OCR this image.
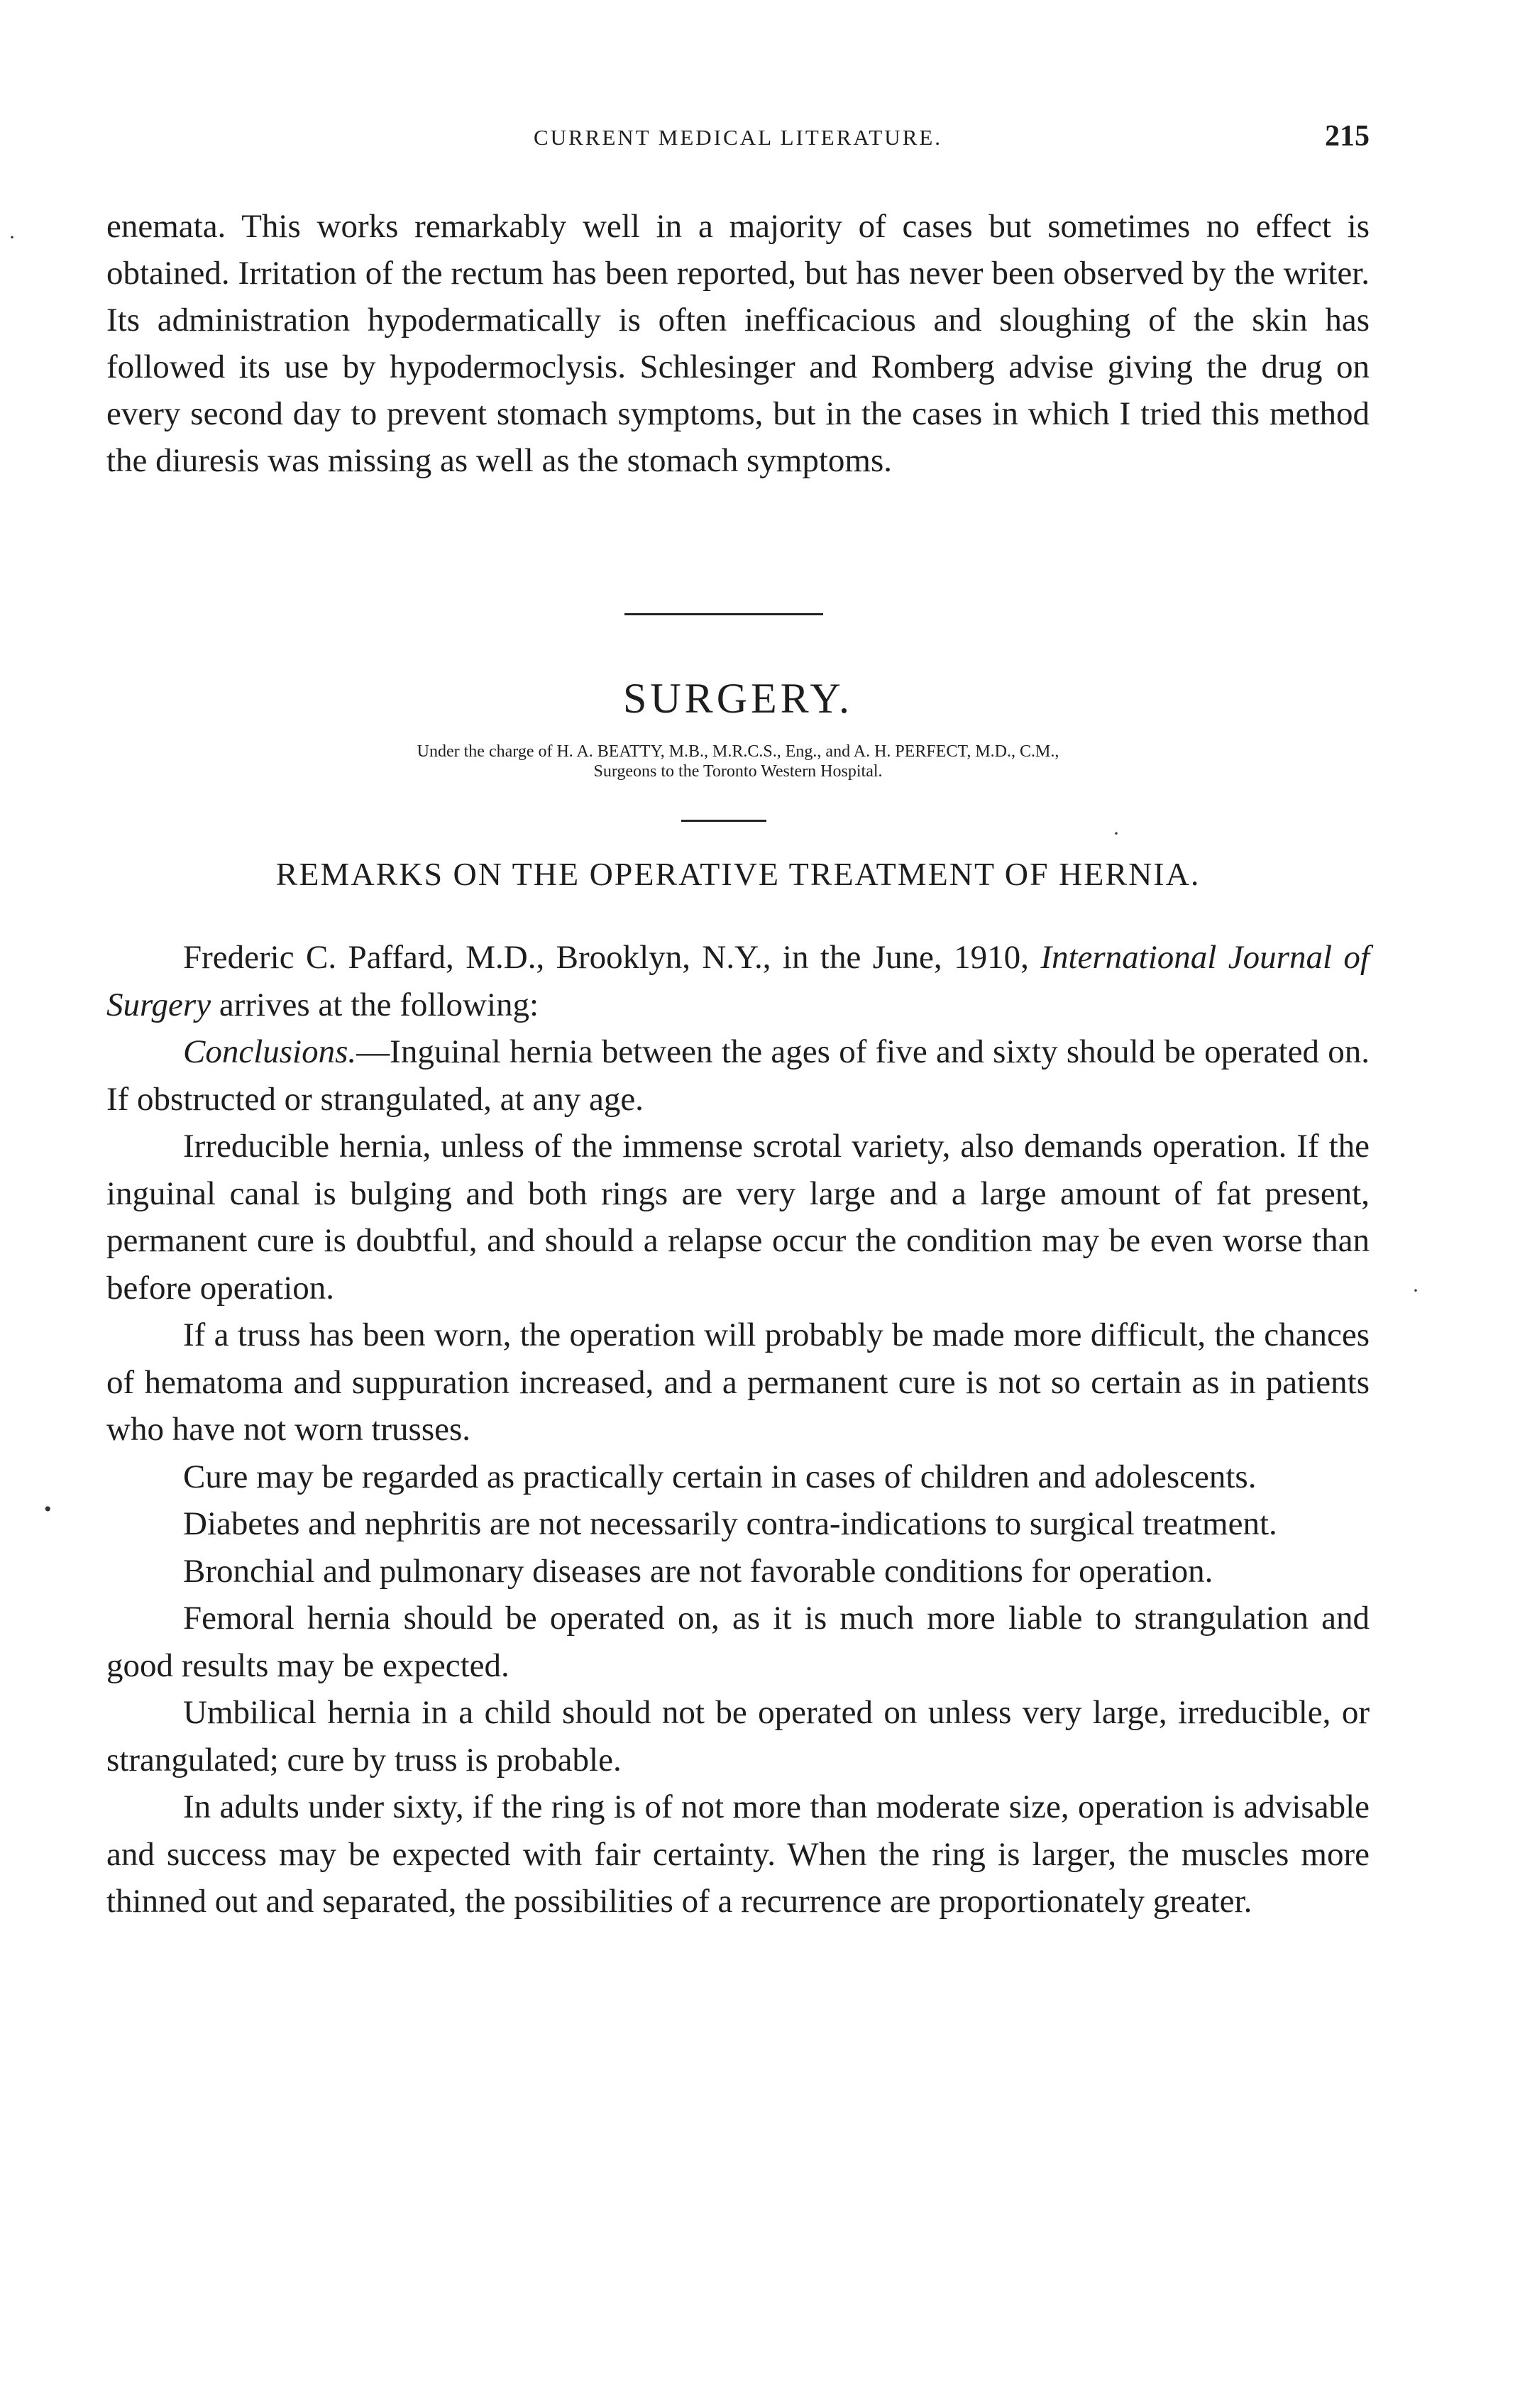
CURRENT MEDICAL LITERATURE.	215

enemata. This works remarkably well in a majority of cases but sometimes no effect is obtained. Irritation of the rectum has been reported, but has never been observed by the writer. Its administration hypodermatically is often inefficacious and sloughing of the skin has followed its use by hypodermoclysis. Schlesinger and Romberg advise giving the drug on every second day to prevent stomach symptoms, but in the cases in which I tried this method the diuresis was missing as well as the stomach symptoms.

SURGERY.
Under the charge of H. A. BEATTY, M.B., M.R.C.S., Eng., and A. H. PERFECT, M.D., C.M.,
Surgeons to the Toronto Western Hospital.
REMARKS ON THE OPERATIVE TREATMENT OF HERNIA.

Frederic C. Paffard, M.D., Brooklyn, N.Y., in the June, 1910, International Journal of Surgery arrives at the following:

Conclusions.—Inguinal hernia between the ages of five and sixty should be operated on. If obstructed or strangulated, at any age.

Irreducible hernia, unless of the immense scrotal variety, also demands operation. If the inguinal canal is bulging and both rings are very large and a large amount of fat present, permanent cure is doubtful, and should a relapse occur the condition may be even worse than before operation.

If a truss has been worn, the operation will probably be made more difficult, the chances of hematoma and suppuration increased, and a permanent cure is not so certain as in patients who have not worn trusses.

Cure may be regarded as practically certain in cases of children and adolescents.

Diabetes and nephritis are not necessarily contra-indications to surgical treatment.

Bronchial and pulmonary diseases are not favorable conditions for operation.

Femoral hernia should be operated on, as it is much more liable to strangulation and good results may be expected.

Umbilical hernia in a child should not be operated on unless very large, irreducible, or strangulated; cure by truss is probable.

In adults under sixty, if the ring is of not more than moderate size, operation is advisable and success may be expected with fair certainty. When the ring is larger, the muscles more thinned out and separated, the possibilities of a recurrence are proportionately greater.

·
·
•
·
